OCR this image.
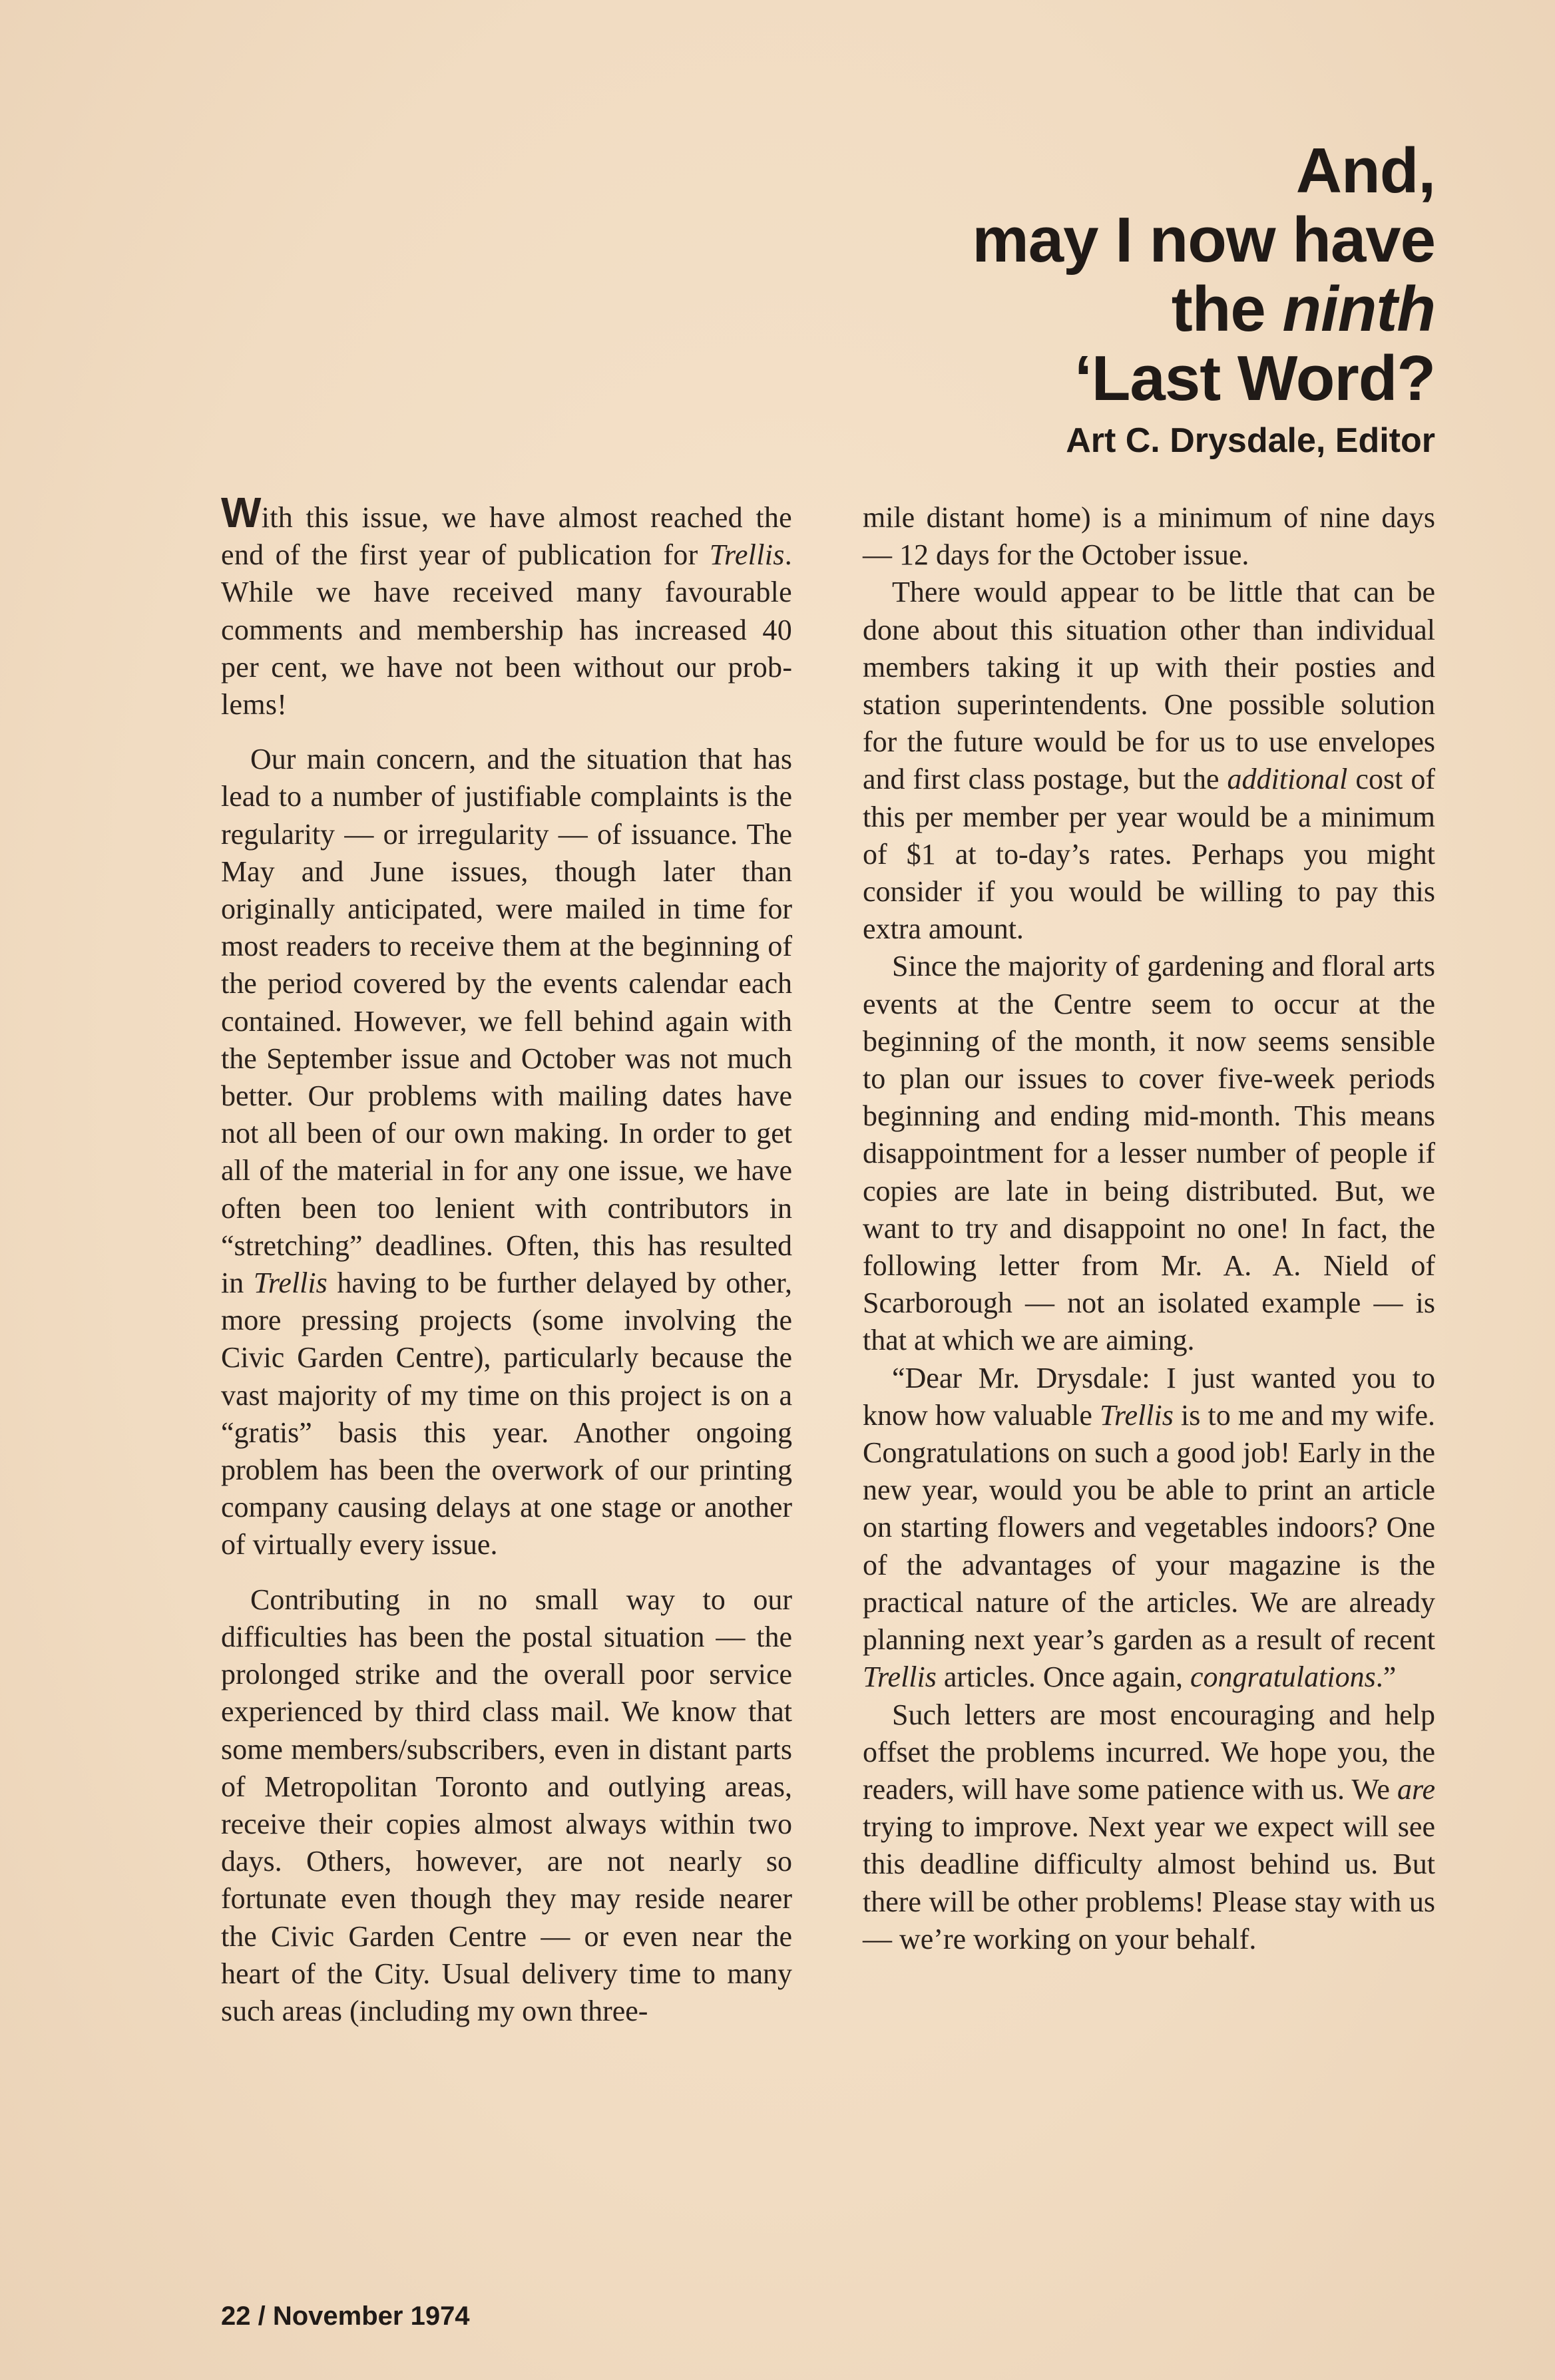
And,
may I now have
the ninth
‘Last Word?
Art C. Drysdale, Editor

With this issue, we have almost reached the end of the first year of publication for Trellis. While we have received many favourable comments and membership has increased 40 per cent, we have not been without our problems!

Our main concern, and the situation that has lead to a number of justifiable complaints is the regularity — or irregularity — of issuance. The May and June issues, though later than originally anticipated, were mailed in time for most readers to receive them at the beginning of the period covered by the events calendar each contained. However, we fell behind again with the September issue and October was not much better. Our problems with mailing dates have not all been of our own making. In order to get all of the material in for any one issue, we have often been too lenient with contributors in “stretching” deadlines. Often, this has resulted in Trellis having to be further delayed by other, more pressing projects (some involving the Civic Garden Centre), particularly because the vast majority of my time on this project is on a “gratis” basis this year. Another ongoing problem has been the overwork of our printing company causing delays at one stage or another of virtually every issue.

Contributing in no small way to our difficulties has been the postal situation — the prolonged strike and the overall poor service experienced by third class mail. We know that some members/subscribers, even in distant parts of Metropolitan Toronto and outlying areas, receive their copies almost always within two days. Others, however, are not nearly so fortunate even though they may reside nearer the Civic Garden Centre — or even near the heart of the City. Usual delivery time to many such areas (including my own three-

mile distant home) is a minimum of nine days — 12 days for the October issue.

There would appear to be little that can be done about this situation other than individual members taking it up with their posties and station superintendents. One possible solution for the future would be for us to use envelopes and first class postage, but the additional cost of this per member per year would be a minimum of $1 at to-day’s rates. Perhaps you might consider if you would be willing to pay this extra amount.

Since the majority of gardening and floral arts events at the Centre seem to occur at the beginning of the month, it now seems sensible to plan our issues to cover five-week periods beginning and ending mid-month. This means disappointment for a lesser number of people if copies are late in being distributed. But, we want to try and disappoint no one! In fact, the following letter from Mr. A. A. Nield of Scarborough — not an isolated example — is that at which we are aiming.

“Dear Mr. Drysdale: I just wanted you to know how valuable Trellis is to me and my wife. Congratulations on such a good job! Early in the new year, would you be able to print an article on starting flowers and vegetables indoors? One of the advantages of your magazine is the practical nature of the articles. We are already planning next year’s garden as a result of recent Trellis articles. Once again, congratulations.”

Such letters are most encouraging and help offset the problems incurred. We hope you, the readers, will have some patience with us. We are trying to improve. Next year we expect will see this deadline difficulty almost behind us. But there will be other problems! Please stay with us — we’re working on your behalf.

22 / November 1974
